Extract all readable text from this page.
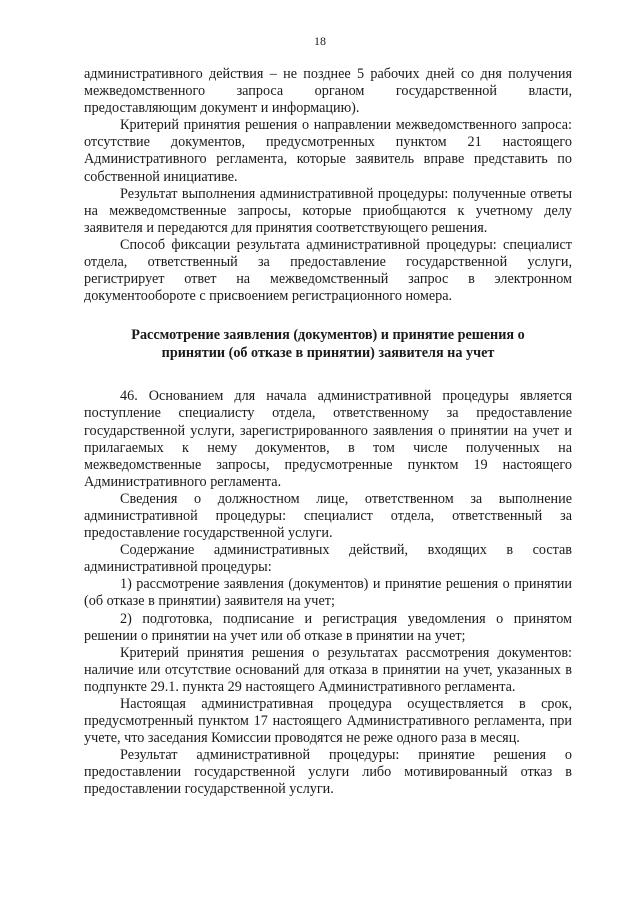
18

административного действия – не позднее 5 рабочих дней со дня получения межведомственного запроса органом государственной власти, предоставляющим документ и информацию).

Критерий принятия решения о направлении межведомственного запроса: отсутствие документов, предусмотренных пунктом 21 настоящего Административного регламента, которые заявитель вправе представить по собственной инициативе.

Результат выполнения административной процедуры: полученные ответы на межведомственные запросы, которые приобщаются к учетному делу заявителя и передаются для принятия соответствующего решения.

Способ фиксации результата административной процедуры: специалист отдела, ответственный за предоставление государственной услуги, регистрирует ответ на межведомственный запрос в электронном документообороте с присвоением регистрационного номера.

Рассмотрение заявления (документов) и принятие решения о
принятии (об отказе в принятии) заявителя на учет

46. Основанием для начала административной процедуры является поступление специалисту отдела, ответственному за предоставление государственной услуги, зарегистрированного заявления о принятии на учет и прилагаемых к нему документов, в том числе полученных на межведомственные запросы, предусмотренные пунктом 19 настоящего Административного регламента.

Сведения о должностном лице, ответственном за выполнение административной процедуры: специалист отдела, ответственный за предоставление государственной услуги.

Содержание административных действий, входящих в состав административной процедуры:

1) рассмотрение заявления (документов) и принятие решения о принятии (об отказе в принятии) заявителя на учет;

2) подготовка, подписание и регистрация уведомления о принятом решении о принятии на учет или об отказе в принятии на учет;

Критерий принятия решения о результатах рассмотрения документов: наличие или отсутствие оснований для отказа в принятии на учет, указанных в подпункте 29.1. пункта 29 настоящего Административного регламента.

Настоящая административная процедура осуществляется в срок, предусмотренный пунктом 17 настоящего Административного регламента, при учете, что заседания Комиссии проводятся не реже одного раза в месяц.

Результат административной процедуры: принятие решения о предоставлении государственной услуги либо мотивированный отказ в предоставлении государственной услуги.
